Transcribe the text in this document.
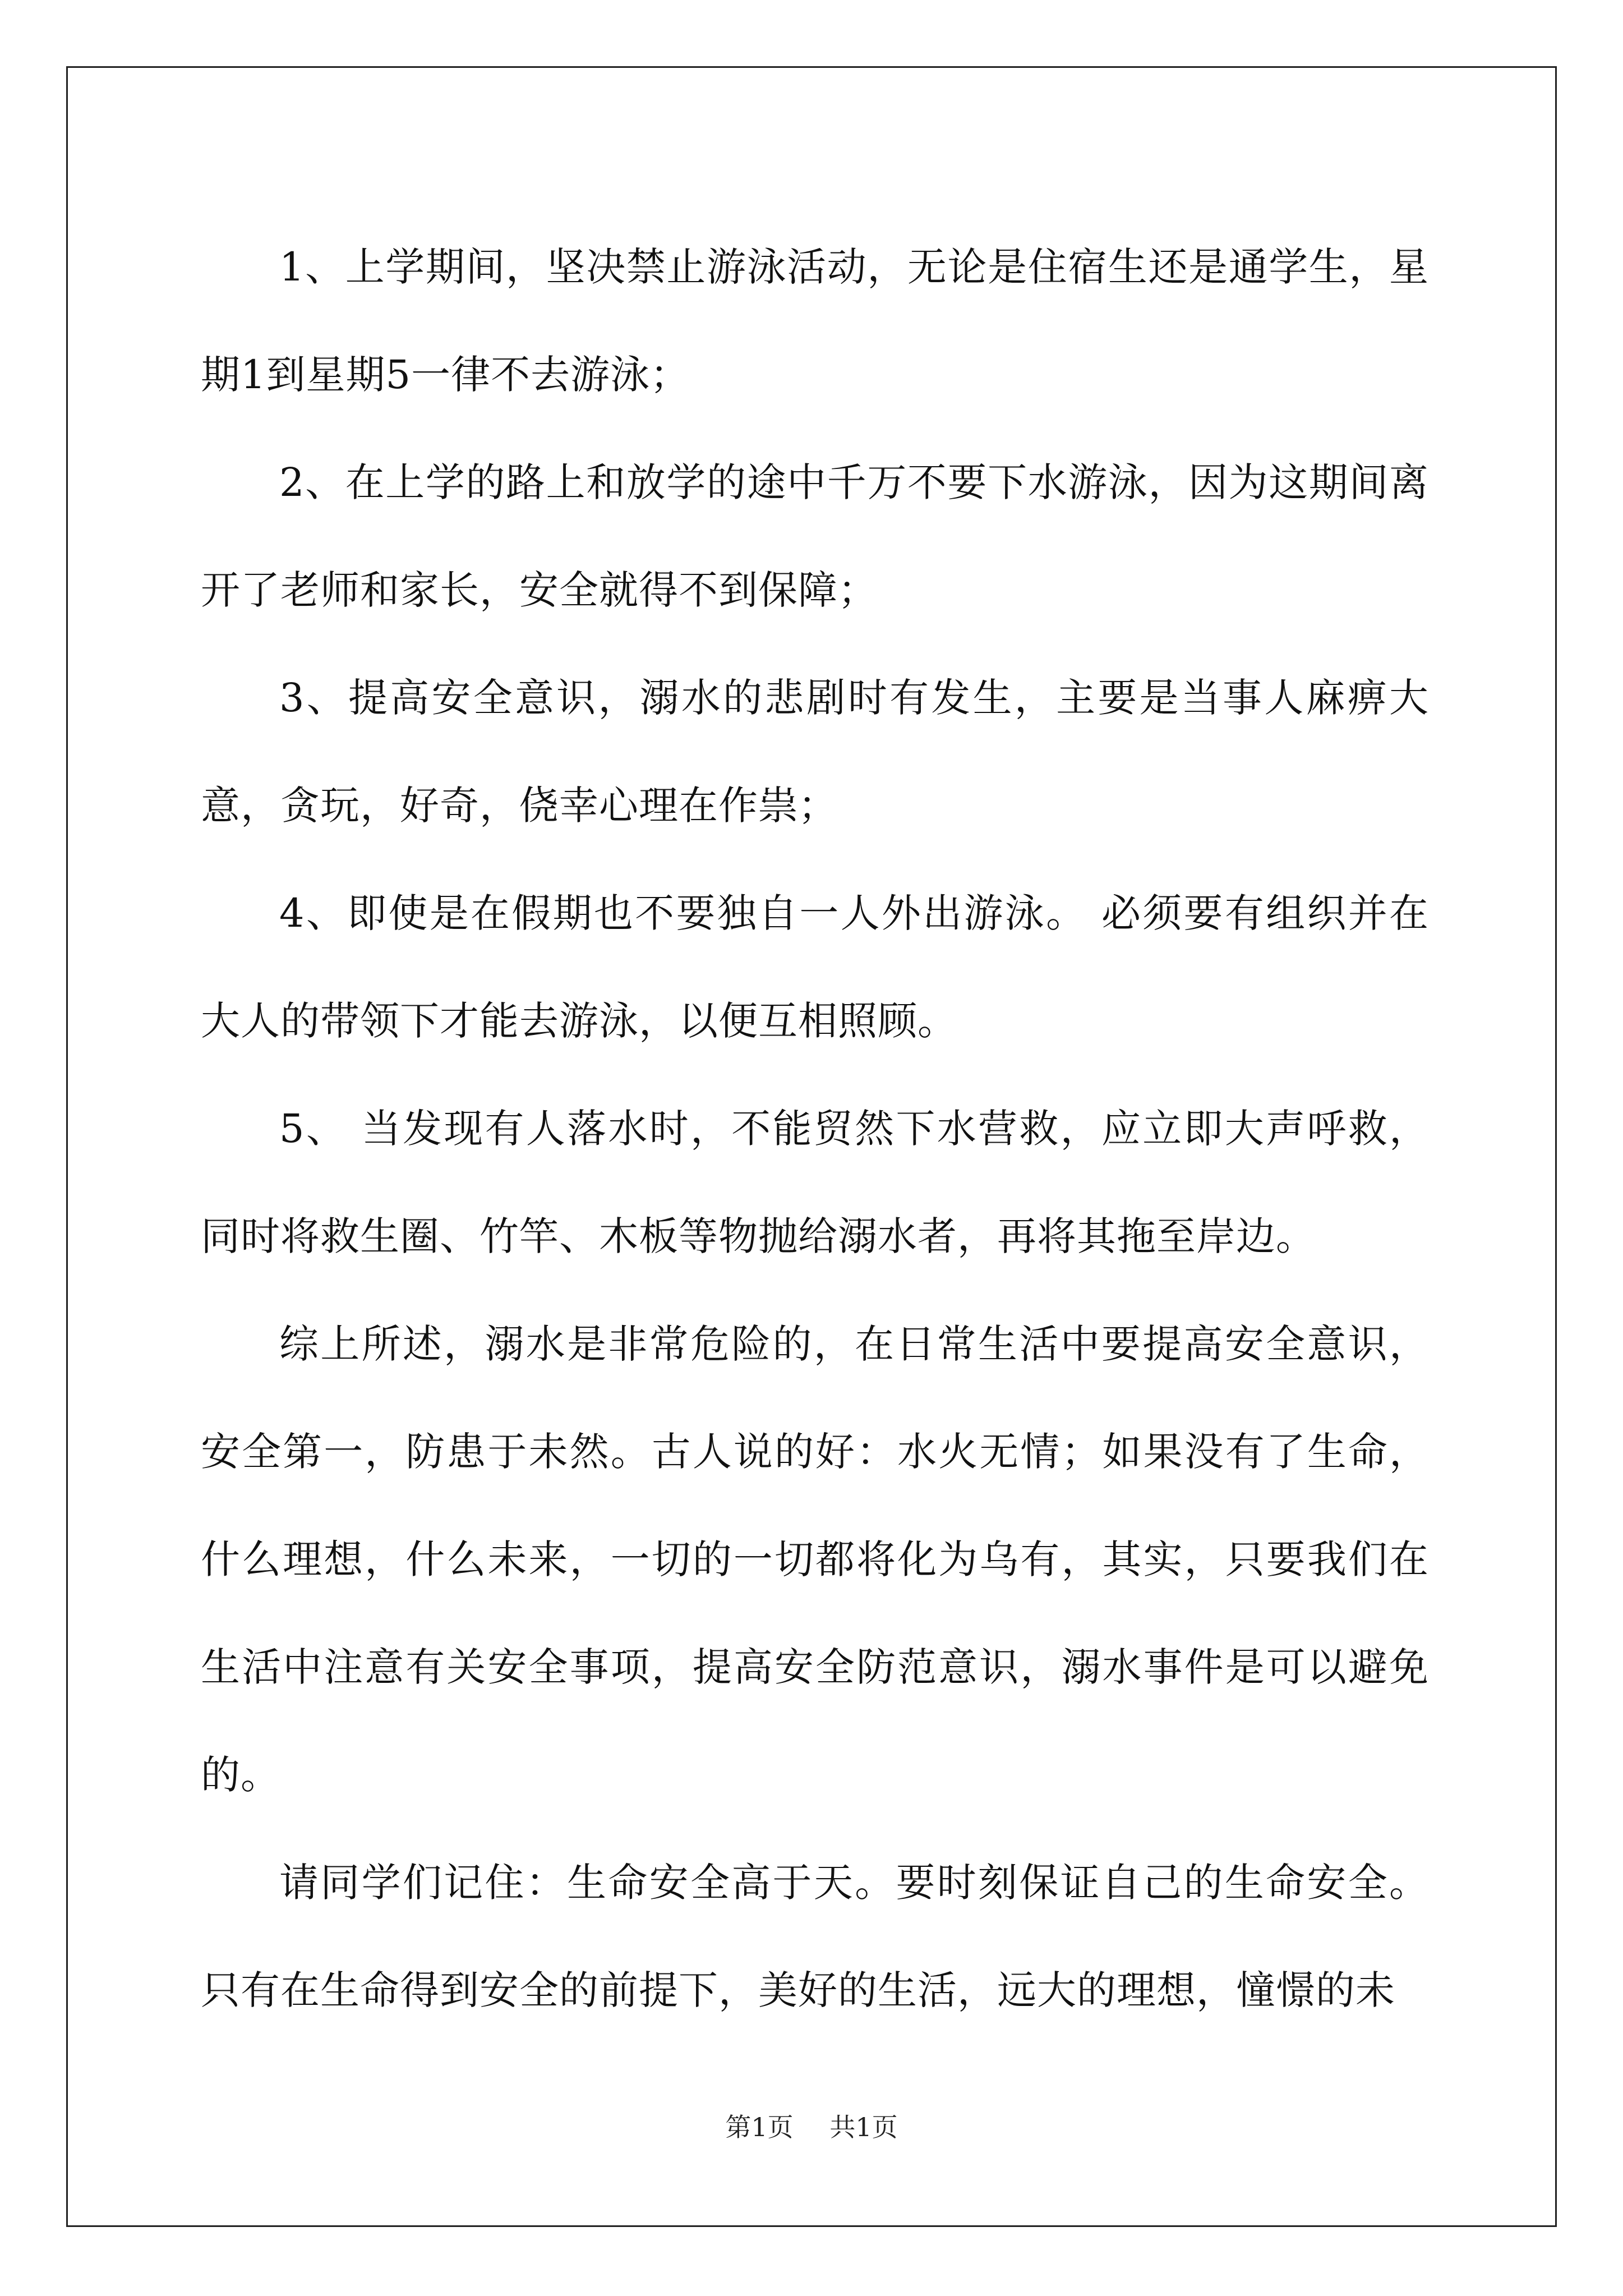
1、上学期间，坚决禁止游泳活动，无论是住宿生还是通学生，星期1到星期5一律不去游泳；

2、在上学的路上和放学的途中千万不要下水游泳，因为这期间离开了老师和家长，安全就得不到保障；

3、提高安全意识，溺水的悲剧时有发生，主要是当事人麻痹大意，贪玩，好奇，侥幸心理在作祟；

4、即使是在假期也不要独自一人外出游泳。 必须要有组织并在大人的带领下才能去游泳，以便互相照顾。

5、 当发现有人落水时，不能贸然下水营救，应立即大声呼救，同时将救生圈、竹竿、木板等物抛给溺水者，再将其拖至岸边。

综上所述，溺水是非常危险的，在日常生活中要提高安全意识，安全第一，防患于未然。古人说的好：水火无情；如果没有了生命，什么理想，什么未来，一切的一切都将化为乌有，其实，只要我们在生活中注意有关安全事项，提高安全防范意识，溺水事件是可以避免的。

请同学们记住：生命安全高于天。要时刻保证自己的生命安全。只有在生命得到安全的前提下，美好的生活，远大的理想，憧憬的未

第1页 共1页
